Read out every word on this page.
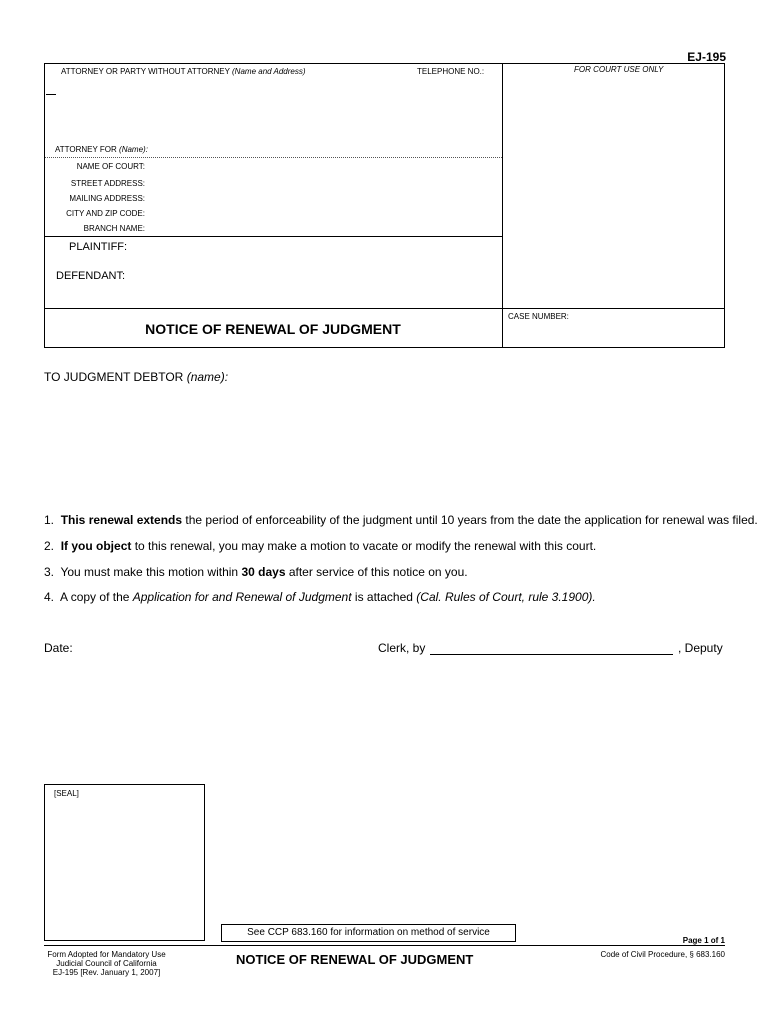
EJ-195
ATTORNEY OR PARTY WITHOUT ATTORNEY (Name and Address)	TELEPHONE NO.:	FOR COURT USE ONLY
ATTORNEY FOR (Name):
NAME OF COURT:
STREET ADDRESS:
MAILING ADDRESS:
CITY AND ZIP CODE:
BRANCH NAME:
PLAINTIFF:
DEFENDANT:
CASE NUMBER:
NOTICE OF RENEWAL OF JUDGMENT
TO JUDGMENT DEBTOR (name):
1. This renewal extends the period of enforceability of the judgment until 10 years from the date the application for renewal was filed.
2. If you object to this renewal, you may make a motion to vacate or modify the renewal with this court.
3. You must make this motion within 30 days after service of this notice on you.
4. A copy of the Application for and Renewal of Judgment is attached (Cal. Rules of Court, rule 3.1900).
Date:	Clerk, by	, Deputy
[SEAL]
See CCP 683.160 for information on method of service
Page 1 of 1
Form Adopted for Mandatory Use
Judicial Council of California
EJ-195 [Rev. January 1, 2007]
NOTICE OF RENEWAL OF JUDGMENT	Code of Civil Procedure, § 683.160
